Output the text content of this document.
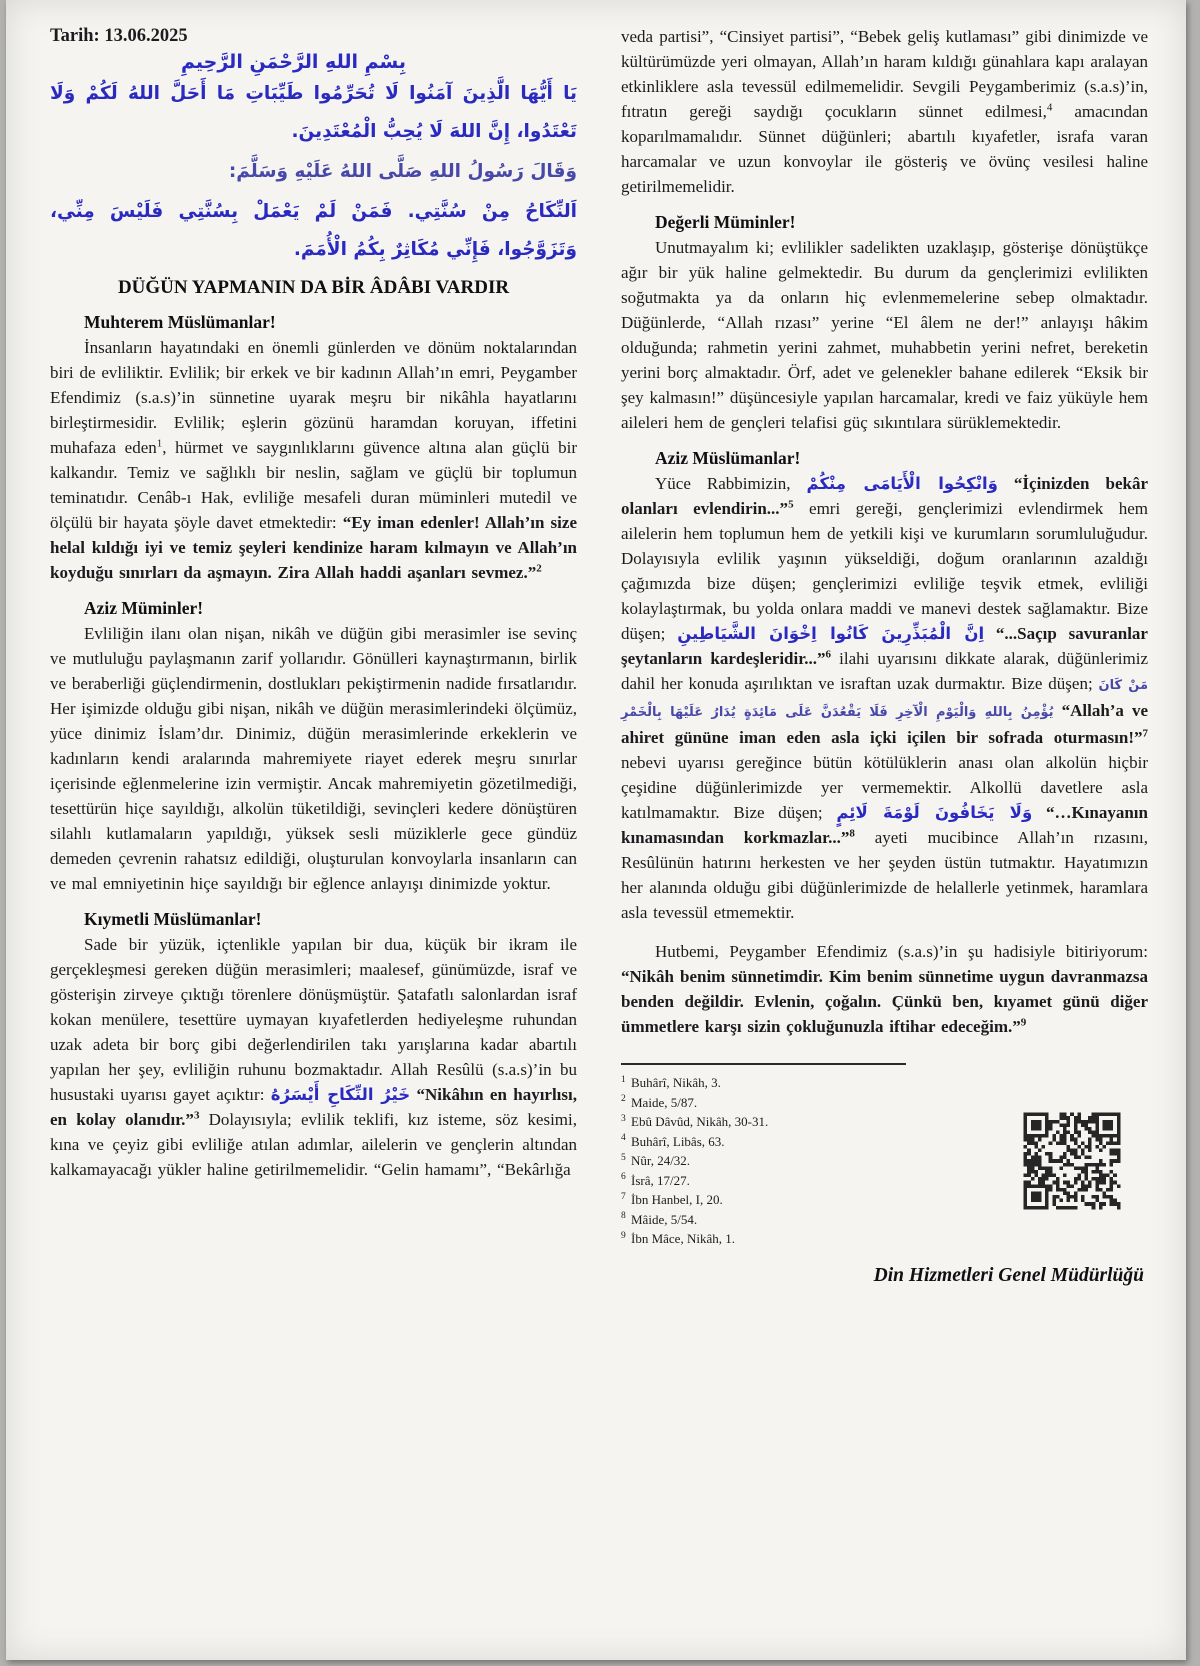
Tarih: 13.06.2025
بِسْمِ اللهِ الرَّحْمَنِ الرَّحِيمِ
يَا أَيُّهَا الَّذِينَ آمَنُوا لَا تُحَرِّمُوا طَيِّبَاتِ مَا أَحَلَّ اللهُ لَكُمْ وَلَا تَعْتَدُوا، إِنَّ اللهَ لَا يُحِبُّ الْمُعْتَدِينَ.
وَقَالَ رَسُولُ اللهِ صَلَّى اللهُ عَلَيْهِ وَسَلَّمَ:
اَلنِّكَاحُ مِنْ سُنَّتِي. فَمَنْ لَمْ يَعْمَلْ بِسُنَّتِي فَلَيْسَ مِنِّي، وَتَزَوَّجُوا، فَإِنِّي مُكَاثِرٌ بِكُمُ الْأُمَمَ.
DÜĞÜN YAPMANIN DA BİR ÂDÂBI VARDIR
Muhterem Müslümanlar!

İnsanların hayatındaki en önemli günlerden ve dönüm noktalarından biri de evliliktir. Evlilik; bir erkek ve bir kadının Allah’ın emri, Peygamber Efendimiz (s.a.s)’in sünnetine uyarak meşru bir nikâhla hayatlarını birleştirmesidir. Evlilik; eşlerin gözünü haramdan koruyan, iffetini muhafaza eden$^1$, hürmet ve saygınlıklarını güvence altına alan güçlü bir kalkandır. Temiz ve sağlıklı bir neslin, sağlam ve güçlü bir toplumun teminatıdır. Cenâb-ı Hak, evliliğe mesafeli duran müminleri mutedil ve ölçülü bir hayata şöyle davet etmektedir: “Ey iman edenler! Allah’ın size helal kıldığı iyi ve temiz şeyleri kendinize haram kılmayın ve Allah’ın koyduğu sınırları da aşmayın. Zira Allah haddi aşanları sevmez.”$^2$

Aziz Müminler!

Evliliğin ilanı olan nişan, nikâh ve düğün gibi merasimler ise sevinç ve mutluluğu paylaşmanın zarif yollarıdır. Gönülleri kaynaştırmanın, birlik ve beraberliği güçlendirmenin, dostlukları pekiştirmenin nadide fırsatlarıdır. Her işimizde olduğu gibi nişan, nikâh ve düğün merasimlerindeki ölçümüz, yüce dinimiz İslam’dır. Dinimiz, düğün merasimlerinde erkeklerin ve kadınların kendi aralarında mahremiyete riayet ederek meşru sınırlar içerisinde eğlenmelerine izin vermiştir. Ancak mahremiyetin gözetilmediği, tesettürün hiçe sayıldığı, alkolün tüketildiği, sevinçleri kedere dönüştüren silahlı kutlamaların yapıldığı, yüksek sesli müziklerle gece gündüz demeden çevrenin rahatsız edildiği, oluşturulan konvoylarla insanların can ve mal emniyetinin hiçe sayıldığı bir eğlence anlayışı dinimizde yoktur.

Kıymetli Müslümanlar!

Sade bir yüzük, içtenlikle yapılan bir dua, küçük bir ikram ile gerçekleşmesi gereken düğün merasimleri; maalesef, günümüzde, israf ve gösterişin zirveye çıktığı törenlere dönüşmüştür. Şatafatlı salonlardan israf kokan menülere, tesettüre uymayan kıyafetlerden hediyeleşme ruhundan uzak adeta bir borç gibi değerlendirilen takı yarışlarına kadar abartılı yapılan her şey, evliliğin ruhunu bozmaktadır. Allah Resûlü (s.a.s)’in bu husustaki uyarısı gayet açıktır: خَيْرُ النِّكَاحِ أَيْسَرُهُ “Nikâhın en hayırlısı, en kolay olanıdır.”$^3$ Dolayısıyla; evlilik teklifi, kız isteme, söz kesimi, kına ve çeyiz gibi evliliğe atılan adımlar, ailelerin ve gençlerin altından kalkamayacağı yükler haline getirilmemelidir. “Gelin hamamı”, “Bekârlığa

veda partisi”, “Cinsiyet partisi”, “Bebek geliş kutlaması” gibi dinimizde ve kültürümüzde yeri olmayan, Allah’ın haram kıldığı günahlara kapı aralayan etkinliklere asla tevessül edilmemelidir. Sevgili Peygamberimiz (s.a.s)’in, fıtratın gereği saydığı çocukların sünnet edilmesi,$^4$ amacından koparılmamalıdır. Sünnet düğünleri; abartılı kıyafetler, israfa varan harcamalar ve uzun konvoylar ile gösteriş ve övünç vesilesi haline getirilmemelidir.

Değerli Müminler!

Unutmayalım ki; evlilikler sadelikten uzaklaşıp, gösterişe dönüştükçe ağır bir yük haline gelmektedir. Bu durum da gençlerimizi evlilikten soğutmakta ya da onların hiç evlenmemelerine sebep olmaktadır. Düğünlerde, “Allah rızası” yerine “El âlem ne der!” anlayışı hâkim olduğunda; rahmetin yerini zahmet, muhabbetin yerini nefret, bereketin yerini borç almaktadır. Örf, adet ve gelenekler bahane edilerek “Eksik bir şey kalmasın!” düşüncesiyle yapılan harcamalar, kredi ve faiz yüküyle hem aileleri hem de gençleri telafisi güç sıkıntılara sürüklemektedir.

Aziz Müslümanlar!

Yüce Rabbimizin, وَانْكِحُوا الْأَيَامَى مِنْكُمْ “İçinizden bekâr olanları evlendirin...”$^5$ emri gereği, gençlerimizi evlendirmek hem ailelerin hem toplumun hem de yetkili kişi ve kurumların sorumluluğudur. Dolayısıyla evlilik yaşının yükseldiği, doğum oranlarının azaldığı çağımızda bize düşen; gençlerimizi evliliğe teşvik etmek, evliliği kolaylaştırmak, bu yolda onlara maddi ve manevi destek sağlamaktır. Bize düşen; اِنَّ الْمُبَذِّرِينَ كَانُوا اِخْوَانَ الشَّيَاطِينِ “...Saçıp savuranlar şeytanların kardeşleridir...”$^6$ ilahi uyarısını dikkate alarak, düğünlerimiz dahil her konuda aşırılıktan ve israftan uzak durmaktır. Bize düşen; مَنْ كَانَ يُؤْمِنُ بِاللهِ وَالْيَوْمِ الْآخِرِ فَلَا يَقْعُدَنَّ عَلَى مَائِدَةٍ يُدَارُ عَلَيْهَا بِالْخَمْرِ “Allah’a ve ahiret gününe iman eden asla içki içilen bir sofrada oturmasın!”$^7$ nebevi uyarısı gereğince bütün kötülüklerin anası olan alkolün hiçbir çeşidine düğünlerimizde yer vermemektir. Alkollü davetlere asla katılmamaktır. Bize düşen; وَلَا يَخَافُونَ لَوْمَةَ لَائِمٍ “…Kınayanın kınamasından korkmazlar...”$^8$ ayeti mucibince Allah’ın rızasını, Resûlünün hatırını herkesten ve her şeyden üstün tutmaktır. Hayatımızın her alanında olduğu gibi düğünlerimizde de helallerle yetinmek, haramlara asla tevessül etmemektir.

Hutbemi, Peygamber Efendimiz (s.a.s)’in şu hadisiyle bitiriyorum: “Nikâh benim sünnetimdir. Kim benim sünnetime uygun davranmazsa benden değildir. Evlenin, çoğalın. Çünkü ben, kıyamet günü diğer ümmetlere karşı sizin çokluğunuzla iftihar edeceğim.”$^9$

$^1$ Buhârî, Nikâh, 3.
$^2$ Maide, 5/87.
$^3$ Ebû Dâvûd, Nikâh, 30-31.
$^4$ Buhârî, Libâs, 63.
$^5$ Nûr, 24/32.
$^6$ İsrâ, 17/27.
$^7$ İbn Hanbel, I, 20.
$^8$ Mâide, 5/54.
$^9$ İbn Mâce, Nikâh, 1.
Din Hizmetleri Genel Müdürlüğü
